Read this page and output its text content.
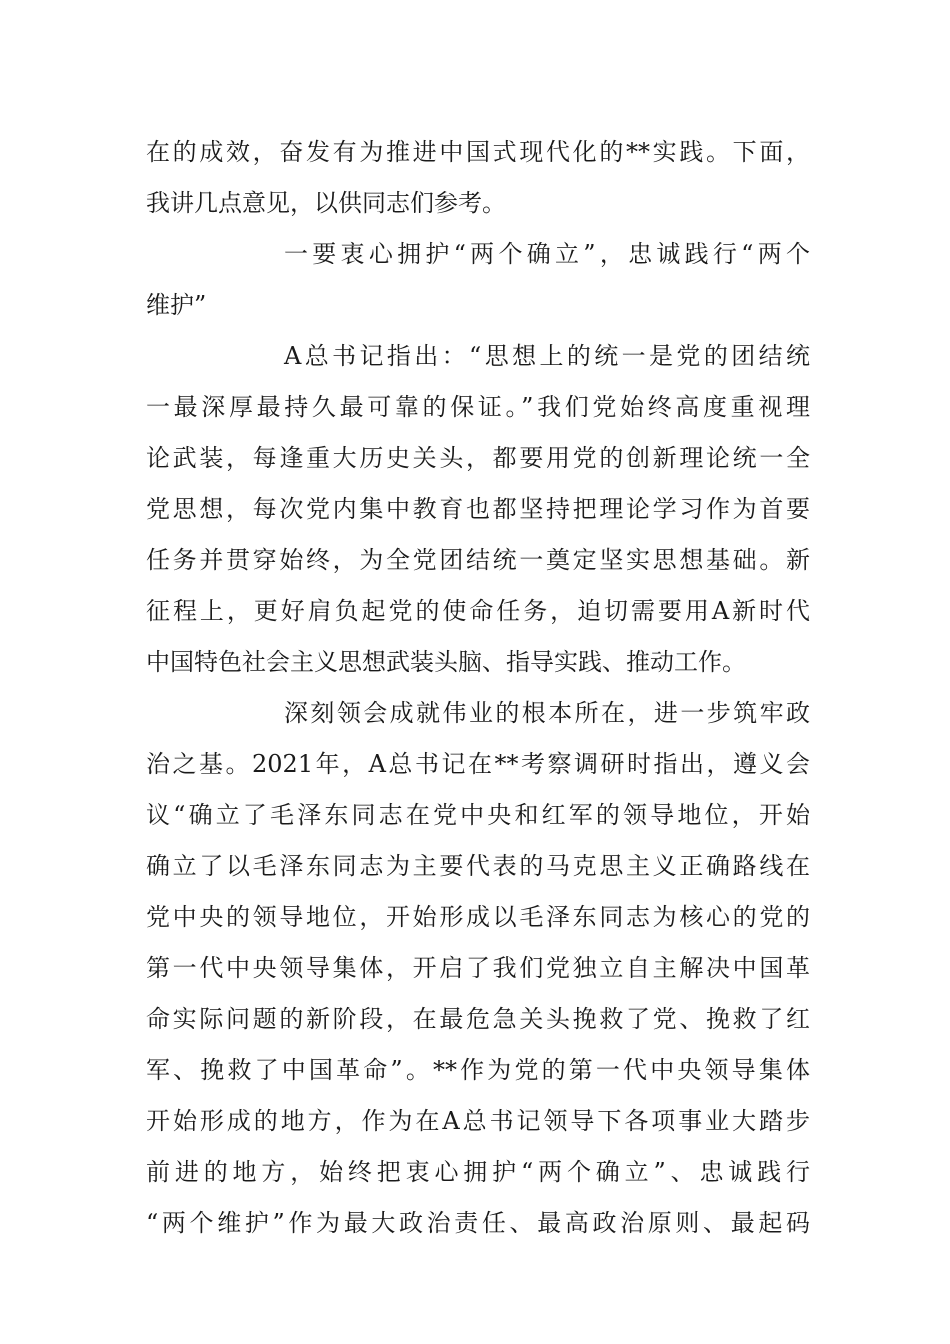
在的成效，奋发有为推进中国式现代化的**实践。下面，

我讲几点意见，以供同志们参考。

一要衷心拥护“两个确立”，忠诚践行“两个

维护”

A总书记指出：“思想上的统一是党的团结统

一最深厚最持久最可靠的保证。”我们党始终高度重视理

论武装，每逢重大历史关头，都要用党的创新理论统一全

党思想，每次党内集中教育也都坚持把理论学习作为首要

任务并贯穿始终，为全党团结统一奠定坚实思想基础。新

征程上，更好肩负起党的使命任务，迫切需要用A新时代

中国特色社会主义思想武装头脑、指导实践、推动工作。

深刻领会成就伟业的根本所在，进一步筑牢政

治之基。2021年，A总书记在**考察调研时指出，遵义会

议“确立了毛泽东同志在党中央和红军的领导地位，开始

确立了以毛泽东同志为主要代表的马克思主义正确路线在

党中央的领导地位，开始形成以毛泽东同志为核心的党的

第一代中央领导集体，开启了我们党独立自主解决中国革

命实际问题的新阶段，在最危急关头挽救了党、挽救了红

军、挽救了中国革命”。**作为党的第一代中央领导集体

开始形成的地方，作为在A总书记领导下各项事业大踏步

前进的地方，始终把衷心拥护“两个确立”、忠诚践行

“两个维护”作为最大政治责任、最高政治原则、最起码
